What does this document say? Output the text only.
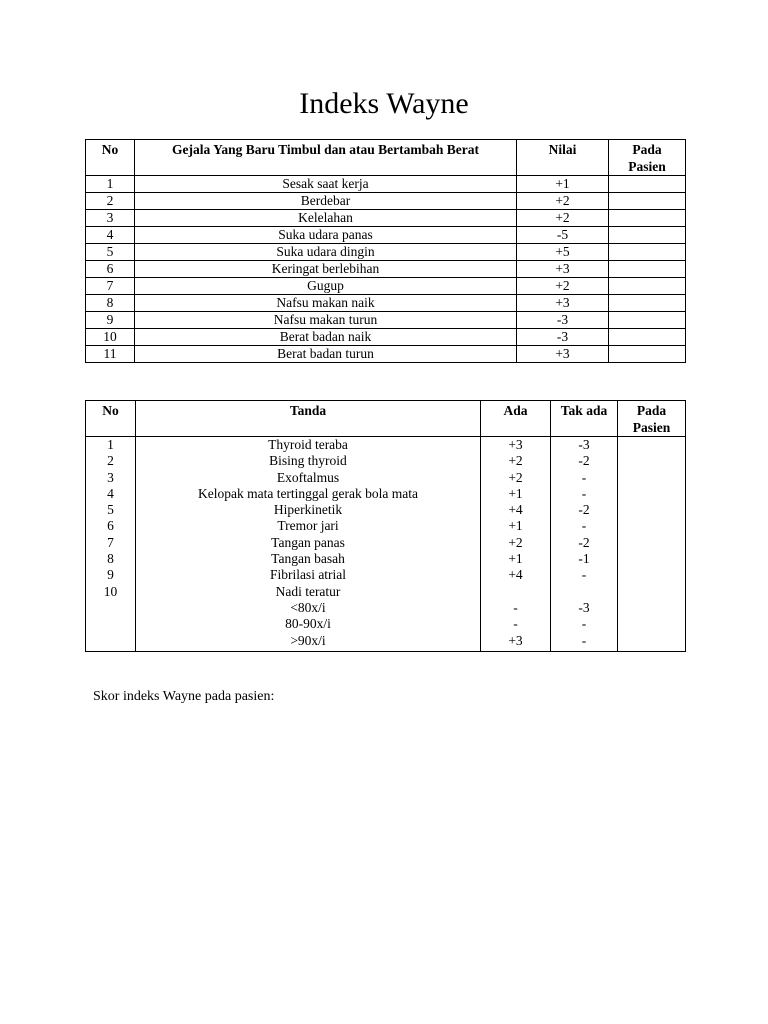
Indeks Wayne
No	Gejala Yang Baru Timbul dan atau Bertambah Berat	Nilai	Pada
Pasien
1	Sesak saat kerja	+1	
2	Berdebar	+2	
3	Kelelahan	+2	
4	Suka udara panas	-5	
5	Suka udara dingin	+5	
6	Keringat berlebihan	+3	
7	Gugup	+2	
8	Nafsu makan naik	+3	
9	Nafsu makan turun	-3	
10	Berat badan naik	-3	
11	Berat badan turun	+3	
No	Tanda	Ada	Tak ada	Pada
Pasien
1	Thyroid teraba	+3	-3	
2	Bising thyroid	+2	-2	
3	Exoftalmus	+2	-	
4	Kelopak mata tertinggal gerak bola mata	+1	-	
5	Hiperkinetik	+4	-2	
6	Tremor jari	+1	-	
7	Tangan panas	+2	-2	
8	Tangan basah	+1	-1	
9	Fibrilasi atrial	+4	-	
10	Nadi teratur			
	<80x/i	-	-3	
	80-90x/i	-	-	
	>90x/i	+3	-	
Skor indeks Wayne pada pasien:
